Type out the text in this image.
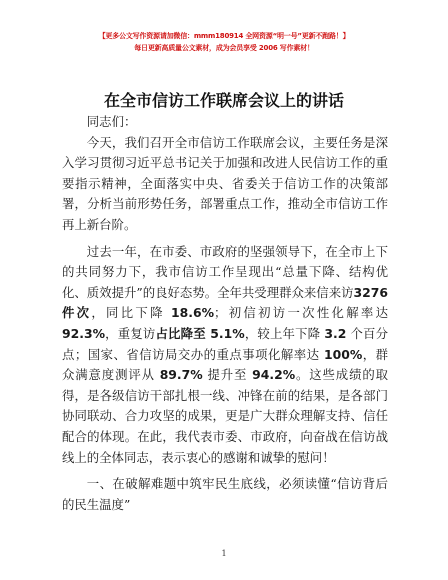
【更多公文写作资源请加微信：mmm180914 全网资源“明一号”更新不跑路！】
每日更新高质量公文素材，成为会员享受 2006 写作素材！
在全市信访工作联席会议上的讲话

同志们：

今天，我们召开全市信访工作联席会议，主要任务是深入学习贯彻习近平总书记关于加强和改进人民信访工作的重要指示精神，全面落实中央、省委关于信访工作的决策部署，分析当前形势任务，部署重点工作，推动全市信访工作再上新台阶。

过去一年，在市委、市政府的坚强领导下，在全市上下的共同努力下，我市信访工作呈现出“总量下降、结构优化、质效提升”的良好态势。全年共受理群众来信来访3276 件次，同比下降 18.6%；初信初访一次性化解率达 92.3%，重复访占比降至 5.1%，较上年下降 3.2 个百分点；国家、省信访局交办的重点事项化解率达 100%，群众满意度测评从 89.7% 提升至 94.2%。这些成绩的取得，是各级信访干部扎根一线、冲锋在前的结果，是各部门协同联动、合力攻坚的成果，更是广大群众理解支持、信任配合的体现。在此，我代表市委、市政府，向奋战在信访战线上的全体同志，表示衷心的感谢和诚挚的慰问！

一、在破解难题中筑牢民生底线，必须读懂“信访背后的民生温度”

1
